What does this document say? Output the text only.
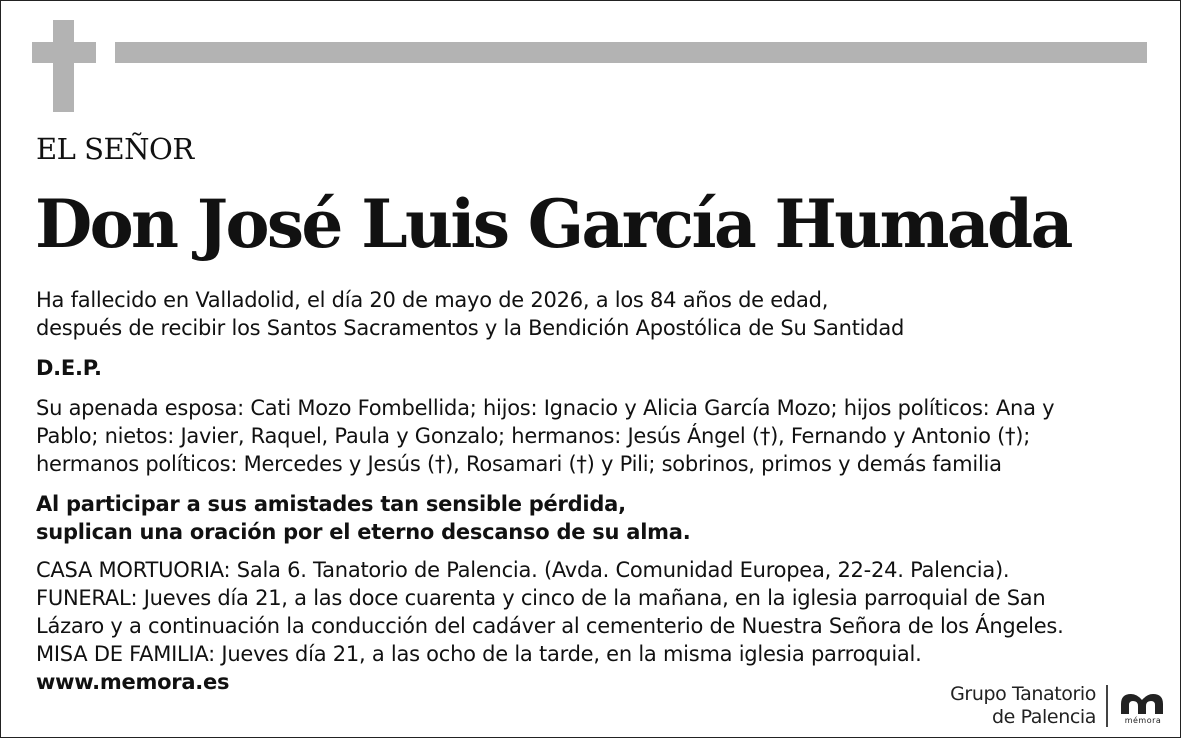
EL SEÑOR
Don José Luis García Humada
Ha fallecido en Valladolid, el día 20 de mayo de 2026, a los 84 años de edad,
después de recibir los Santos Sacramentos y la Bendición Apostólica de Su Santidad
D.E.P.
Su apenada esposa: Cati Mozo Fombellida; hijos: Ignacio y Alicia García Mozo; hijos políticos: Ana y
Pablo; nietos: Javier, Raquel, Paula y Gonzalo; hermanos: Jesús Ángel (†), Fernando y Antonio (†);
hermanos políticos: Mercedes y Jesús (†), Rosamari (†) y Pili; sobrinos, primos y demás familia
Al participar a sus amistades tan sensible pérdida,
suplican una oración por el eterno descanso de su alma.
CASA MORTUORIA: Sala 6. Tanatorio de Palencia. (Avda. Comunidad Europea, 22-24. Palencia).
FUNERAL: Jueves día 21, a las doce cuarenta y cinco de la mañana, en la iglesia parroquial de San
Lázaro y a continuación la conducción del cadáver al cementerio de Nuestra Señora de los Ángeles.
MISA DE FAMILIA: Jueves día 21, a las ocho de la tarde, en la misma iglesia parroquial.
www.memora.es	Grupo Tanatorio
de Palencia	mémora
